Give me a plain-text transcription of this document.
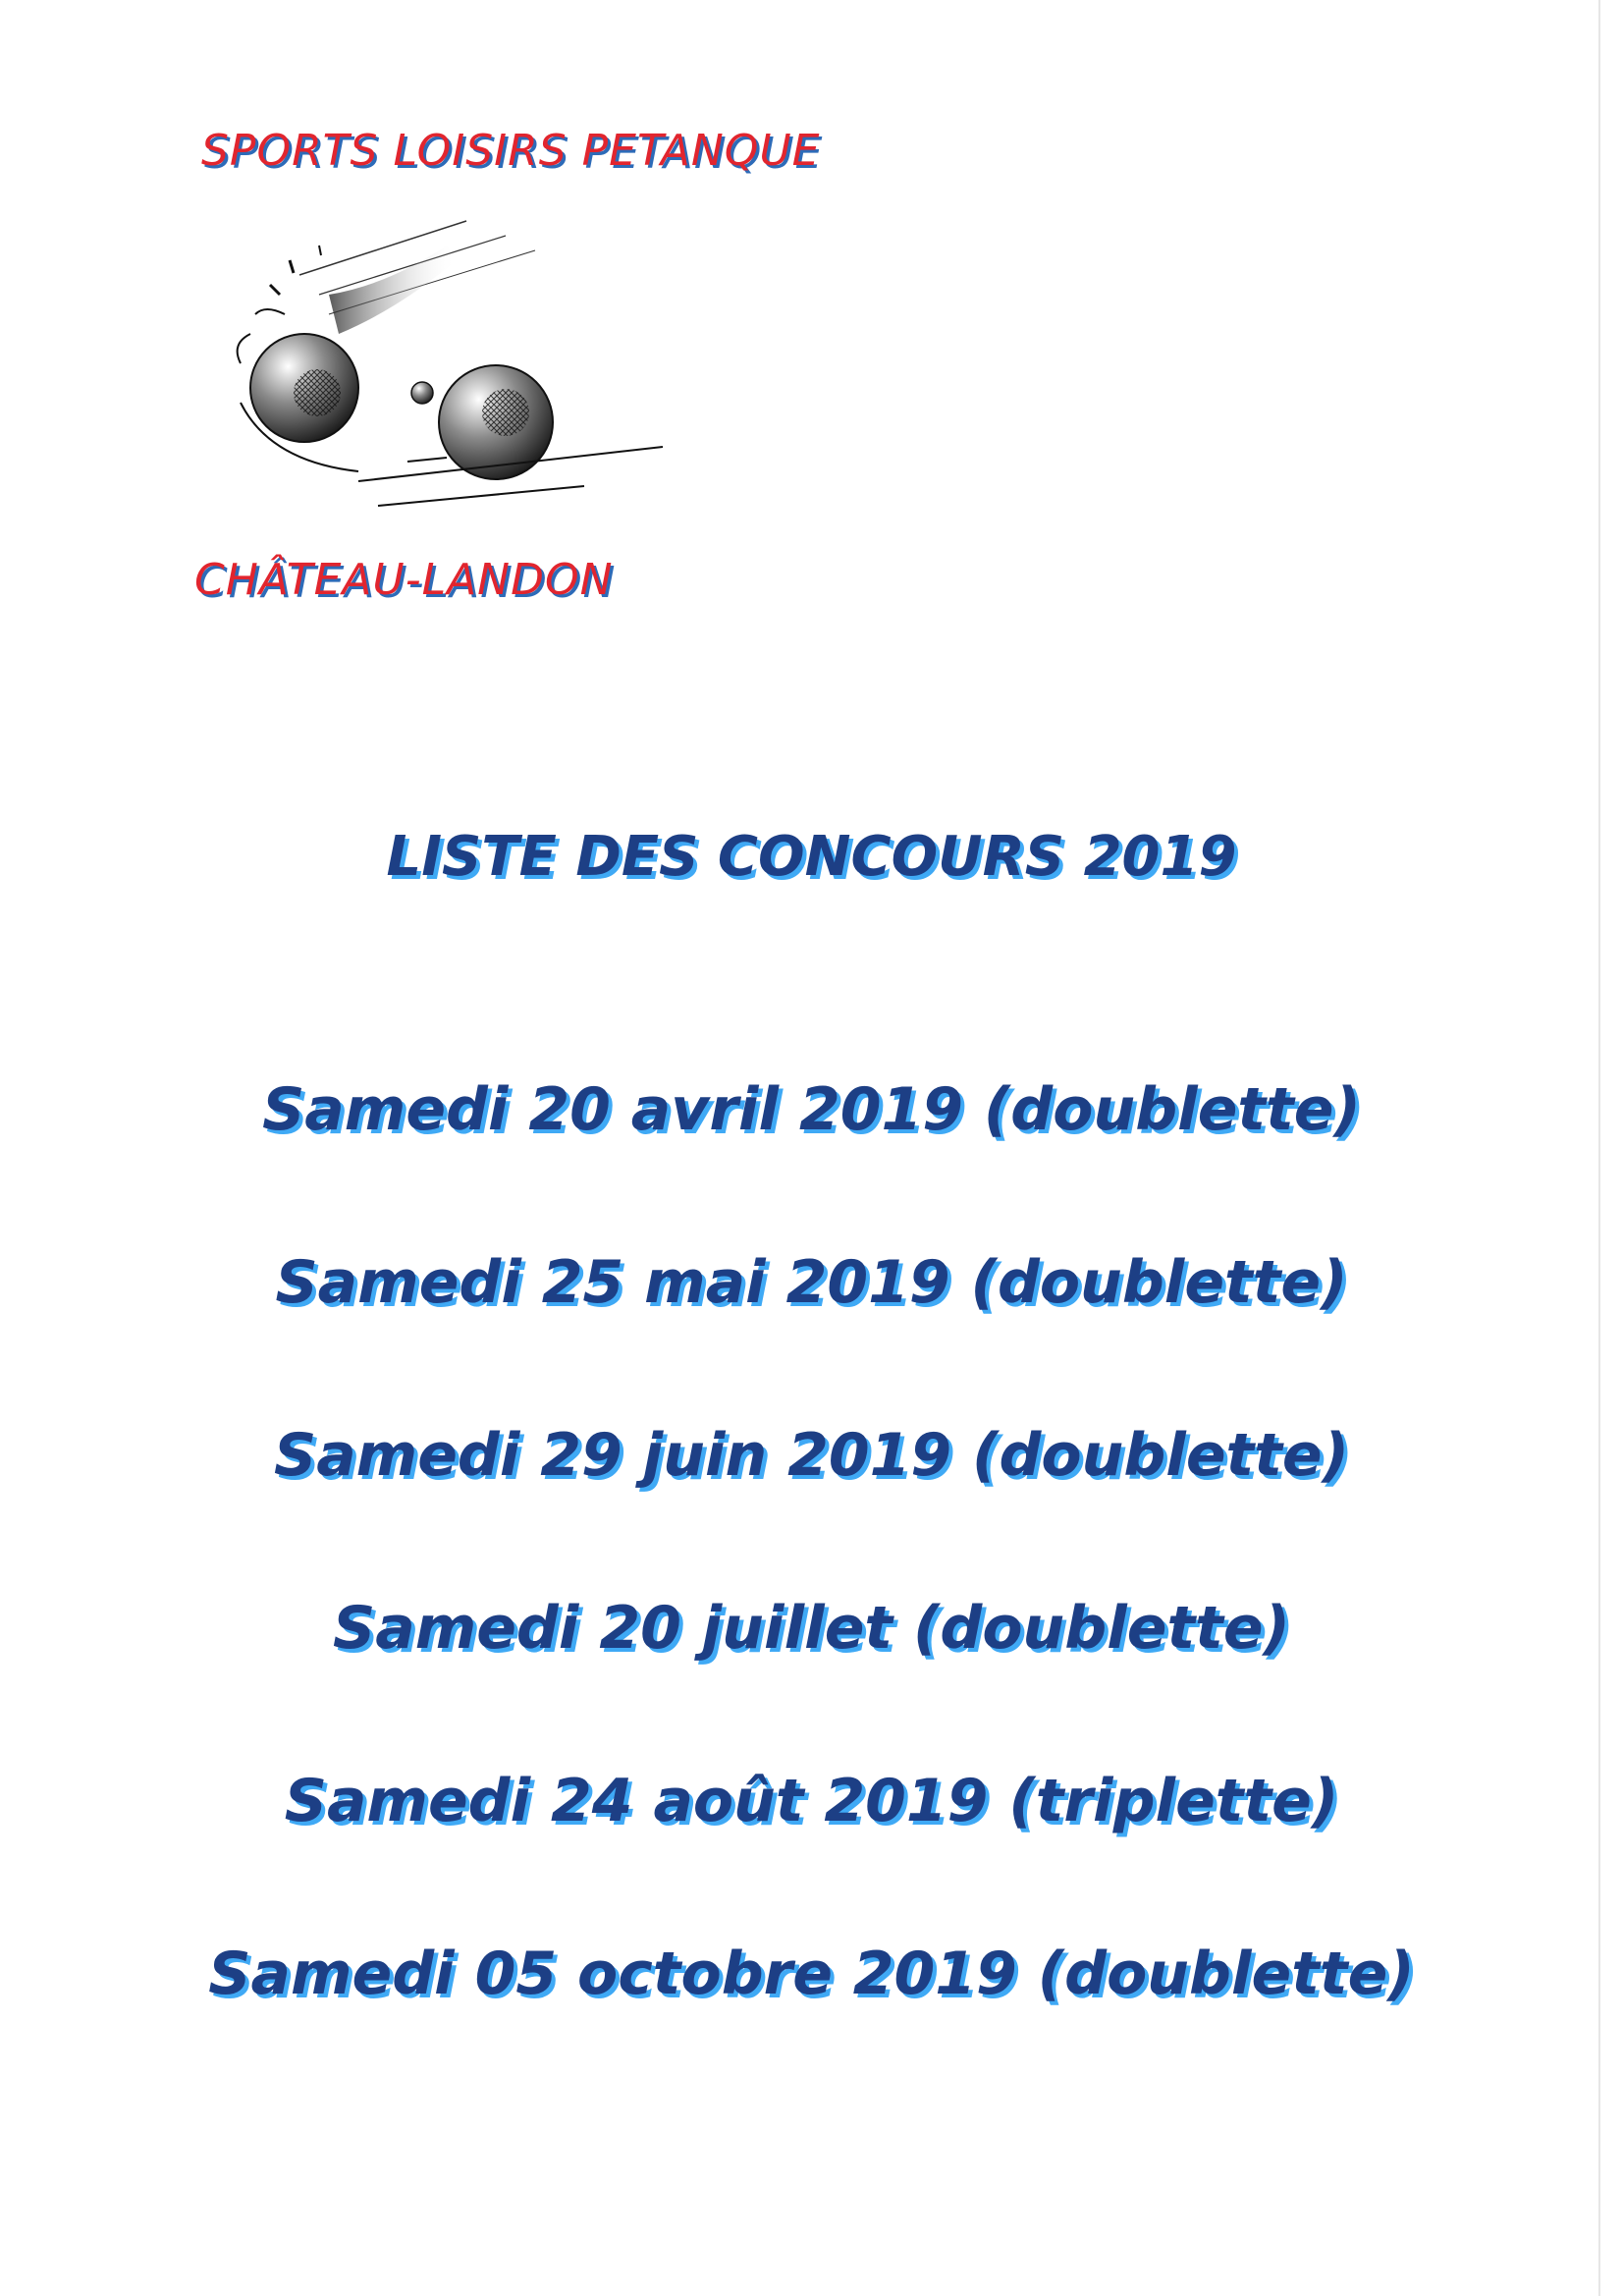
SPORTS LOISIRS PETANQUE
CHÂTEAU-LANDON
LISTE DES CONCOURS 2019
Samedi 20 avril 2019 (doublette)
Samedi 25 mai 2019 (doublette)
Samedi 29 juin 2019 (doublette)
Samedi 20 juillet (doublette)
Samedi 24 août 2019 (triplette)
Samedi 05 octobre 2019 (doublette)
